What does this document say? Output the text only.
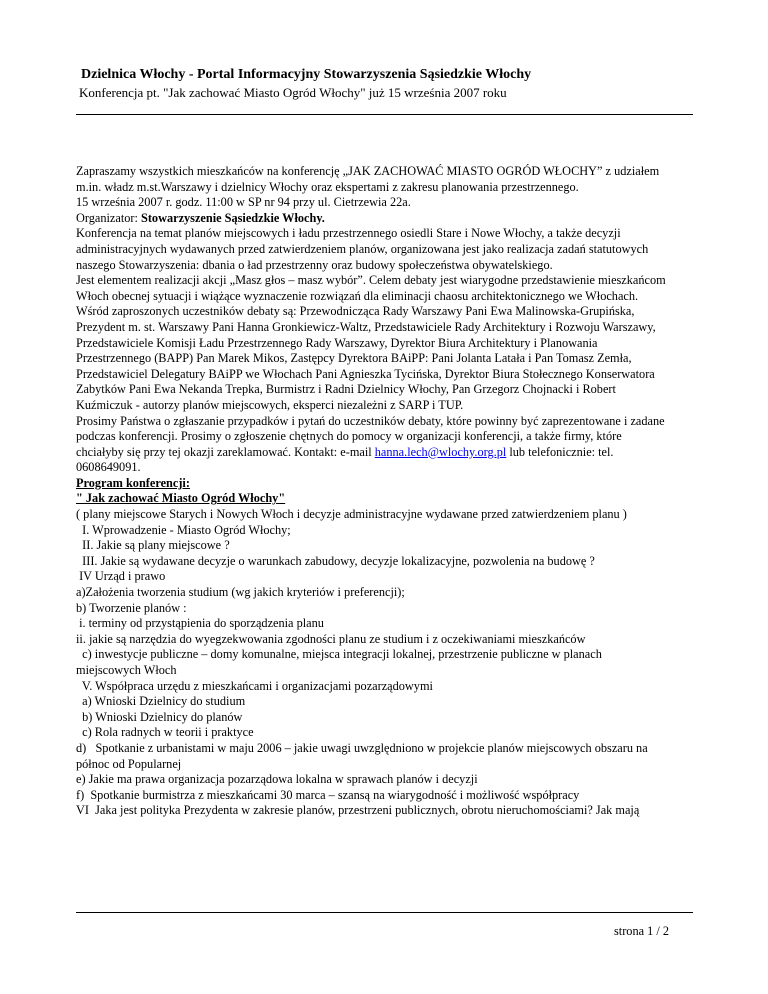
Dzielnica Włochy - Portal Informacyjny Stowarzyszenia Sąsiedzkie Włochy
Konferencja pt. "Jak zachować Miasto Ogród Włochy" już 15 września 2007 roku

Zapraszamy wszystkich mieszkańców na konferencję „JAK ZACHOWAĆ MIASTO OGRÓD WŁOCHY” z udziałem
m.in. władz m.st.Warszawy i dzielnicy Włochy oraz ekspertami z zakresu planowania przestrzennego.
15 września 2007 r. godz. 11:00 w SP nr 94 przy ul. Cietrzewia 22a.

Organizator: Stowarzyszenie Sąsiedzkie Włochy.

Konferencja na temat planów miejscowych i ładu przestrzennego osiedli Stare i Nowe Włochy, a także decyzji
administracyjnych wydawanych przed zatwierdzeniem planów, organizowana jest jako realizacja zadań statutowych
naszego Stowarzyszenia: dbania o ład przestrzenny oraz budowy społeczeństwa obywatelskiego.
Jest elementem realizacji akcji „Masz głos – masz wybór”. Celem debaty jest wiarygodne przedstawienie mieszkańcom
Włoch obecnej sytuacji i wiążące wyznaczenie rozwiązań dla eliminacji chaosu architektonicznego we Włochach.
Wśród zaproszonych uczestników debaty są: Przewodnicząca Rady Warszawy Pani Ewa Malinowska-Grupińska,
Prezydent m. st. Warszawy Pani Hanna Gronkiewicz-Waltz, Przedstawiciele Rady Architektury i Rozwoju Warszawy,
Przedstawiciele Komisji Ładu Przestrzennego Rady Warszawy, Dyrektor Biura Architektury i Planowania
Przestrzennego (BAPP) Pan Marek Mikos, Zastępcy Dyrektora BAiPP: Pani Jolanta Latała i Pan Tomasz Zemła,
Przedstawiciel Delegatury BAiPP we Włochach Pani Agnieszka Tycińska, Dyrektor Biura Stołecznego Konserwatora
Zabytków Pani Ewa Nekanda Trepka, Burmistrz i Radni Dzielnicy Włochy, Pan Grzegorz Chojnacki i Robert
Kuźmiczuk - autorzy planów miejscowych, eksperci niezależni z SARP i TUP.
Prosimy Państwa o zgłaszanie przypadków i pytań do uczestników debaty, które powinny być zaprezentowane i zadane
podczas konferencji. Prosimy o zgłoszenie chętnych do pomocy w organizacji konferencji, a także firmy, które
chciałyby się przy tej okazji zareklamować. Kontakt: e-mail hanna.lech@wlochy.org.pl lub telefonicznie: tel.
0608649091.

Program konferencji:
" Jak zachować Miasto Ogród Włochy"
( plany miejscowe Starych i Nowych Włoch i decyzje administracyjne wydawane przed zatwierdzeniem planu )

I. Wprowadzenie - Miasto Ogród Włochy;
II. Jakie są plany miejscowe ?
III. Jakie są wydawane decyzje o warunkach zabudowy, decyzje lokalizacyjne, pozwolenia na budowę ?
IV Urząd i prawo
a)Założenia tworzenia studium (wg jakich kryteriów i preferencji);
b) Tworzenie planów :
i. terminy od przystąpienia do sporządzenia planu
ii. jakie są narzędzia do wyegzekwowania zgodności planu ze studium i z oczekiwaniami mieszkańców
c) inwestycje publiczne – domy komunalne, miejsca integracji lokalnej, przestrzenie publiczne w planach
miejscowych Włoch
V. Współpraca urzędu z mieszkańcami i organizacjami pozarządowymi
a) Wnioski Dzielnicy do studium
b) Wnioski Dzielnicy do planów
c) Rola radnych w teorii i praktyce
d)   Spotkanie z urbanistami w maju 2006 – jakie uwagi uwzględniono w projekcie planów miejscowych obszaru na
północ od Popularnej
e) Jakie ma prawa organizacja pozarządowa lokalna w sprawach planów i decyzji
f)  Spotkanie burmistrza z mieszkańcami 30 marca – szansą na wiarygodność i możliwość współpracy
VI  Jaka jest polityka Prezydenta w zakresie planów, przestrzeni publicznych, obrotu nieruchomościami? Jak mają

strona 1 / 2
